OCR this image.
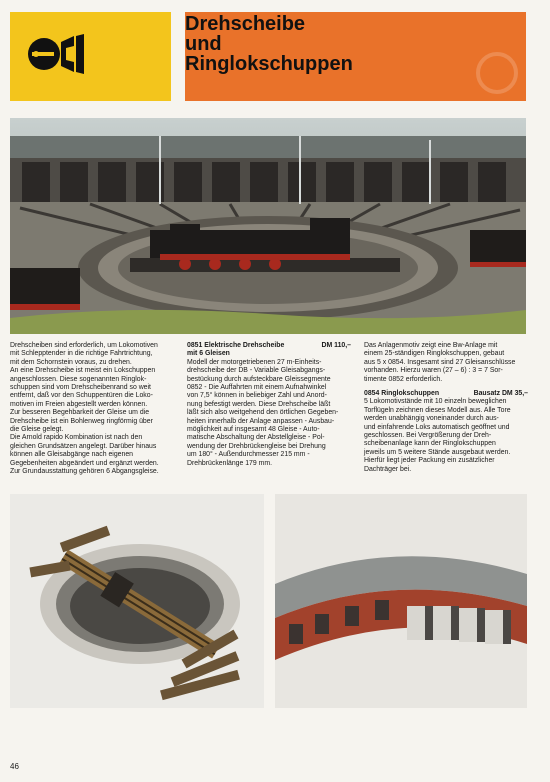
Drehscheibe
und
Ringlokschuppen

Drehscheiben sind erforderlich, um Lokomotiven
mit Schlepptender in die richtige Fahrtrichtung,
mit dem Schornstein voraus, zu drehen.

An eine Drehscheibe ist meist ein Lokschuppen
angeschlossen. Diese sogenannten Ringlok-
schuppen sind vom Drehscheibenrand so weit
entfernt, daß vor den Schuppentüren die Loko-
motiven im Freien abgestellt werden können.

Zur besseren Begehbarkeit der Gleise um die
Drehscheibe ist ein Bohlenweg ringförmig über
die Gleise gelegt.

Die Arnold rapido Kombination ist nach den
gleichen Grundsätzen angelegt. Darüber hinaus
können alle Gleisabgänge nach eigenen
Gegebenheiten abgeändert und ergänzt werden.

Zur Grundausstattung gehören 6 Abgangsgleise.

0851 Elektrische Drehscheibe	DM 110,–

mit 6 Gleisen

Modell der motorgetriebenen 27 m-Einheits-
drehscheibe der DB - Variable Gleisabgangs-
bestückung durch aufsteckbare Gleissegmente
0852 - Die Auffahrten mit einem Aufnahwinkel
von 7,5° können in beliebiger Zahl und Anord-
nung befestigt werden. Diese Drehscheibe läßt
läßt sich also weitgehend den örtlichen Gegeben-
heiten innerhalb der Anlage anpassen - Ausbau-
möglichkeit auf insgesamt 48 Gleise - Auto-
matische Abschaltung der Abstellgleise - Pol-
wendung der Drehbrückengleise bei Drehung
um 180° - Außendurchmesser 215 mm -
Drehbrückenlänge 179 mm.

Das Anlagenmotiv zeigt eine Bw-Anlage mit
einem 25-ständigen Ringlokschuppen, gebaut
aus 5 x 0854. Insgesamt sind 27 Gleisanschlüsse
vorhanden. Hierzu waren (27 – 6) : 3 = 7 Sor-
timente 0852 erforderlich.

0854 Ringlokschuppen	Bausatz DM 35,–

5 Lokomotivstände mit 10 einzeln beweglichen
Torflügeln zeichnen dieses Modell aus. Alle Tore
werden unabhängig voneinander durch aus-
und einfahrende Loks automatisch geöffnet und
geschlossen. Bei Vergrößerung der Dreh-
scheibenanlage kann der Ringlokschuppen
jeweils um 5 weitere Stände ausgebaut werden.
Hierfür liegt jeder Packung ein zusätzlicher
Dachträger bei.

46
